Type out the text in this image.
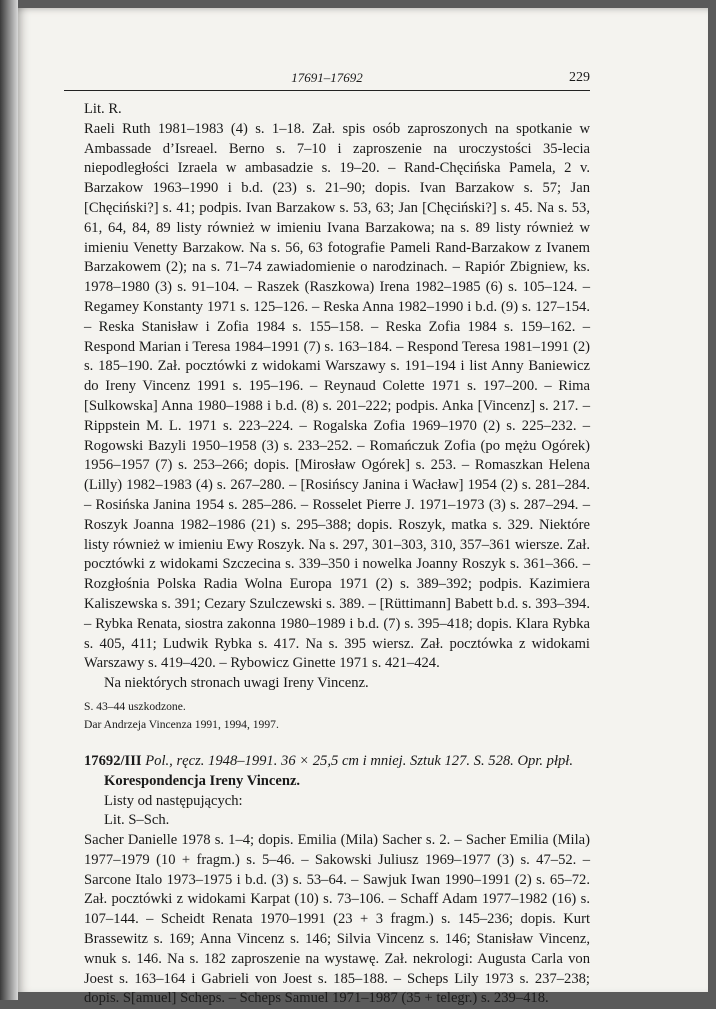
17691–17692	229

Lit. R.

Raeli Ruth 1981–1983 (4) s. 1–18. Zał. spis osób zaproszonych na spotkanie w Ambassade d’Isreael. Berno s. 7–10 i zaproszenie na uroczystości 35-lecia niepodległości Izraela w ambasadzie s. 19–20. – Rand-Chęcińska Pamela, 2 v. Barzakow 1963–1990 i b.d. (23) s. 21–90; dopis. Ivan Barzakow s. 57; Jan [Chęciński?] s. 41; podpis. Ivan Barzakow s. 53, 63; Jan [Chęciński?] s. 45. Na s. 53, 61, 64, 84, 89 listy również w imieniu Ivana Barzakowa; na s. 89 listy również w imieniu Venetty Barzakow. Na s. 56, 63 fotografie Pameli Rand-Barzakow z Ivanem Barzakowem (2); na s. 71–74 zawiadomienie o narodzinach. – Rapiór Zbigniew, ks. 1978–1980 (3) s. 91–104. – Raszek (Raszkowa) Irena 1982–1985 (6) s. 105–124. – Regamey Konstanty 1971 s. 125–126. – Reska Anna 1982–1990 i b.d. (9) s. 127–154. – Reska Stanisław i Zofia 1984 s. 155–158. – Reska Zofia 1984 s. 159–162. – Respond Marian i Teresa 1984–1991 (7) s. 163–184. – Respond Teresa 1981–1991 (2) s. 185–190. Zał. pocztówki z widokami Warszawy s. 191–194 i list Anny Baniewicz do Ireny Vincenz 1991 s. 195–196. – Reynaud Colette 1971 s. 197–200. – Rima [Sulkowska] Anna 1980–1988 i b.d. (8) s. 201–222; podpis. Anka [Vincenz] s. 217. – Rippstein M. L. 1971 s. 223–224. – Rogalska Zofia 1969–1970 (2) s. 225–232. – Rogowski Bazyli 1950–1958 (3) s. 233–252. – Romańczuk Zofia (po mężu Ogórek) 1956–1957 (7) s. 253–266; dopis. [Mirosław Ogórek] s. 253. – Romaszkan Helena (Lilly) 1982–1983 (4) s. 267–280. – [Rosińscy Janina i Wacław] 1954 (2) s. 281–284. – Rosińska Janina 1954 s. 285–286. – Rosselet Pierre J. 1971–1973 (3) s. 287–294. – Roszyk Joanna 1982–1986 (21) s. 295–388; dopis. Roszyk, matka s. 329. Niektóre listy również w imieniu Ewy Roszyk. Na s. 297, 301–303, 310, 357–361 wiersze. Zał. pocztówki z widokami Szczecina s. 339–350 i nowelka Joanny Roszyk s. 361–366. – Rozgłośnia Polska Radia Wolna Europa 1971 (2) s. 389–392; podpis. Kazimiera Kaliszewska s. 391; Cezary Szulczewski s. 389. – [Rüttimann] Babett b.d. s. 393–394. – Rybka Renata, siostra zakonna 1980–1989 i b.d. (7) s. 395–418; dopis. Klara Rybka s. 405, 411; Ludwik Rybka s. 417. Na s. 395 wiersz. Zał. pocztówka z widokami Warszawy s. 419–420. – Rybowicz Ginette 1971 s. 421–424.

Na niektórych stronach uwagi Ireny Vincenz.

S. 43–44 uszkodzone.

Dar Andrzeja Vincenza 1991, 1994, 1997.

17692/III Pol., ręcz. 1948–1991. 36 × 25,5 cm i mniej. Sztuk 127. S. 528. Opr. płpł.

Korespondencja Ireny Vincenz.

Listy od następujących:

Lit. S–Sch.

Sacher Danielle 1978 s. 1–4; dopis. Emilia (Mila) Sacher s. 2. – Sacher Emilia (Mila) 1977–1979 (10 + fragm.) s. 5–46. – Sakowski Juliusz 1969–1977 (3) s. 47–52. – Sarcone Italo 1973–1975 i b.d. (3) s. 53–64. – Sawjuk Iwan 1990–1991 (2) s. 65–72. Zał. pocztówki z widokami Karpat (10) s. 73–106. – Schaff Adam 1977–1982 (16) s. 107–144. – Scheidt Renata 1970–1991 (23 + 3 fragm.) s. 145–236; dopis. Kurt Brassewitz s. 169; Anna Vincenz s. 146; Silvia Vincenz s. 146; Stanisław Vincenz, wnuk s. 146. Na s. 182 zaproszenie na wystawę. Zał. nekrologi: Augusta Carla von Joest s. 163–164 i Gabrieli von Joest s. 185–188. – Scheps Lily 1973 s. 237–238; dopis. S[amuel] Scheps. – Scheps Samuel 1971–1987 (35 + telegr.) s. 239–418.
